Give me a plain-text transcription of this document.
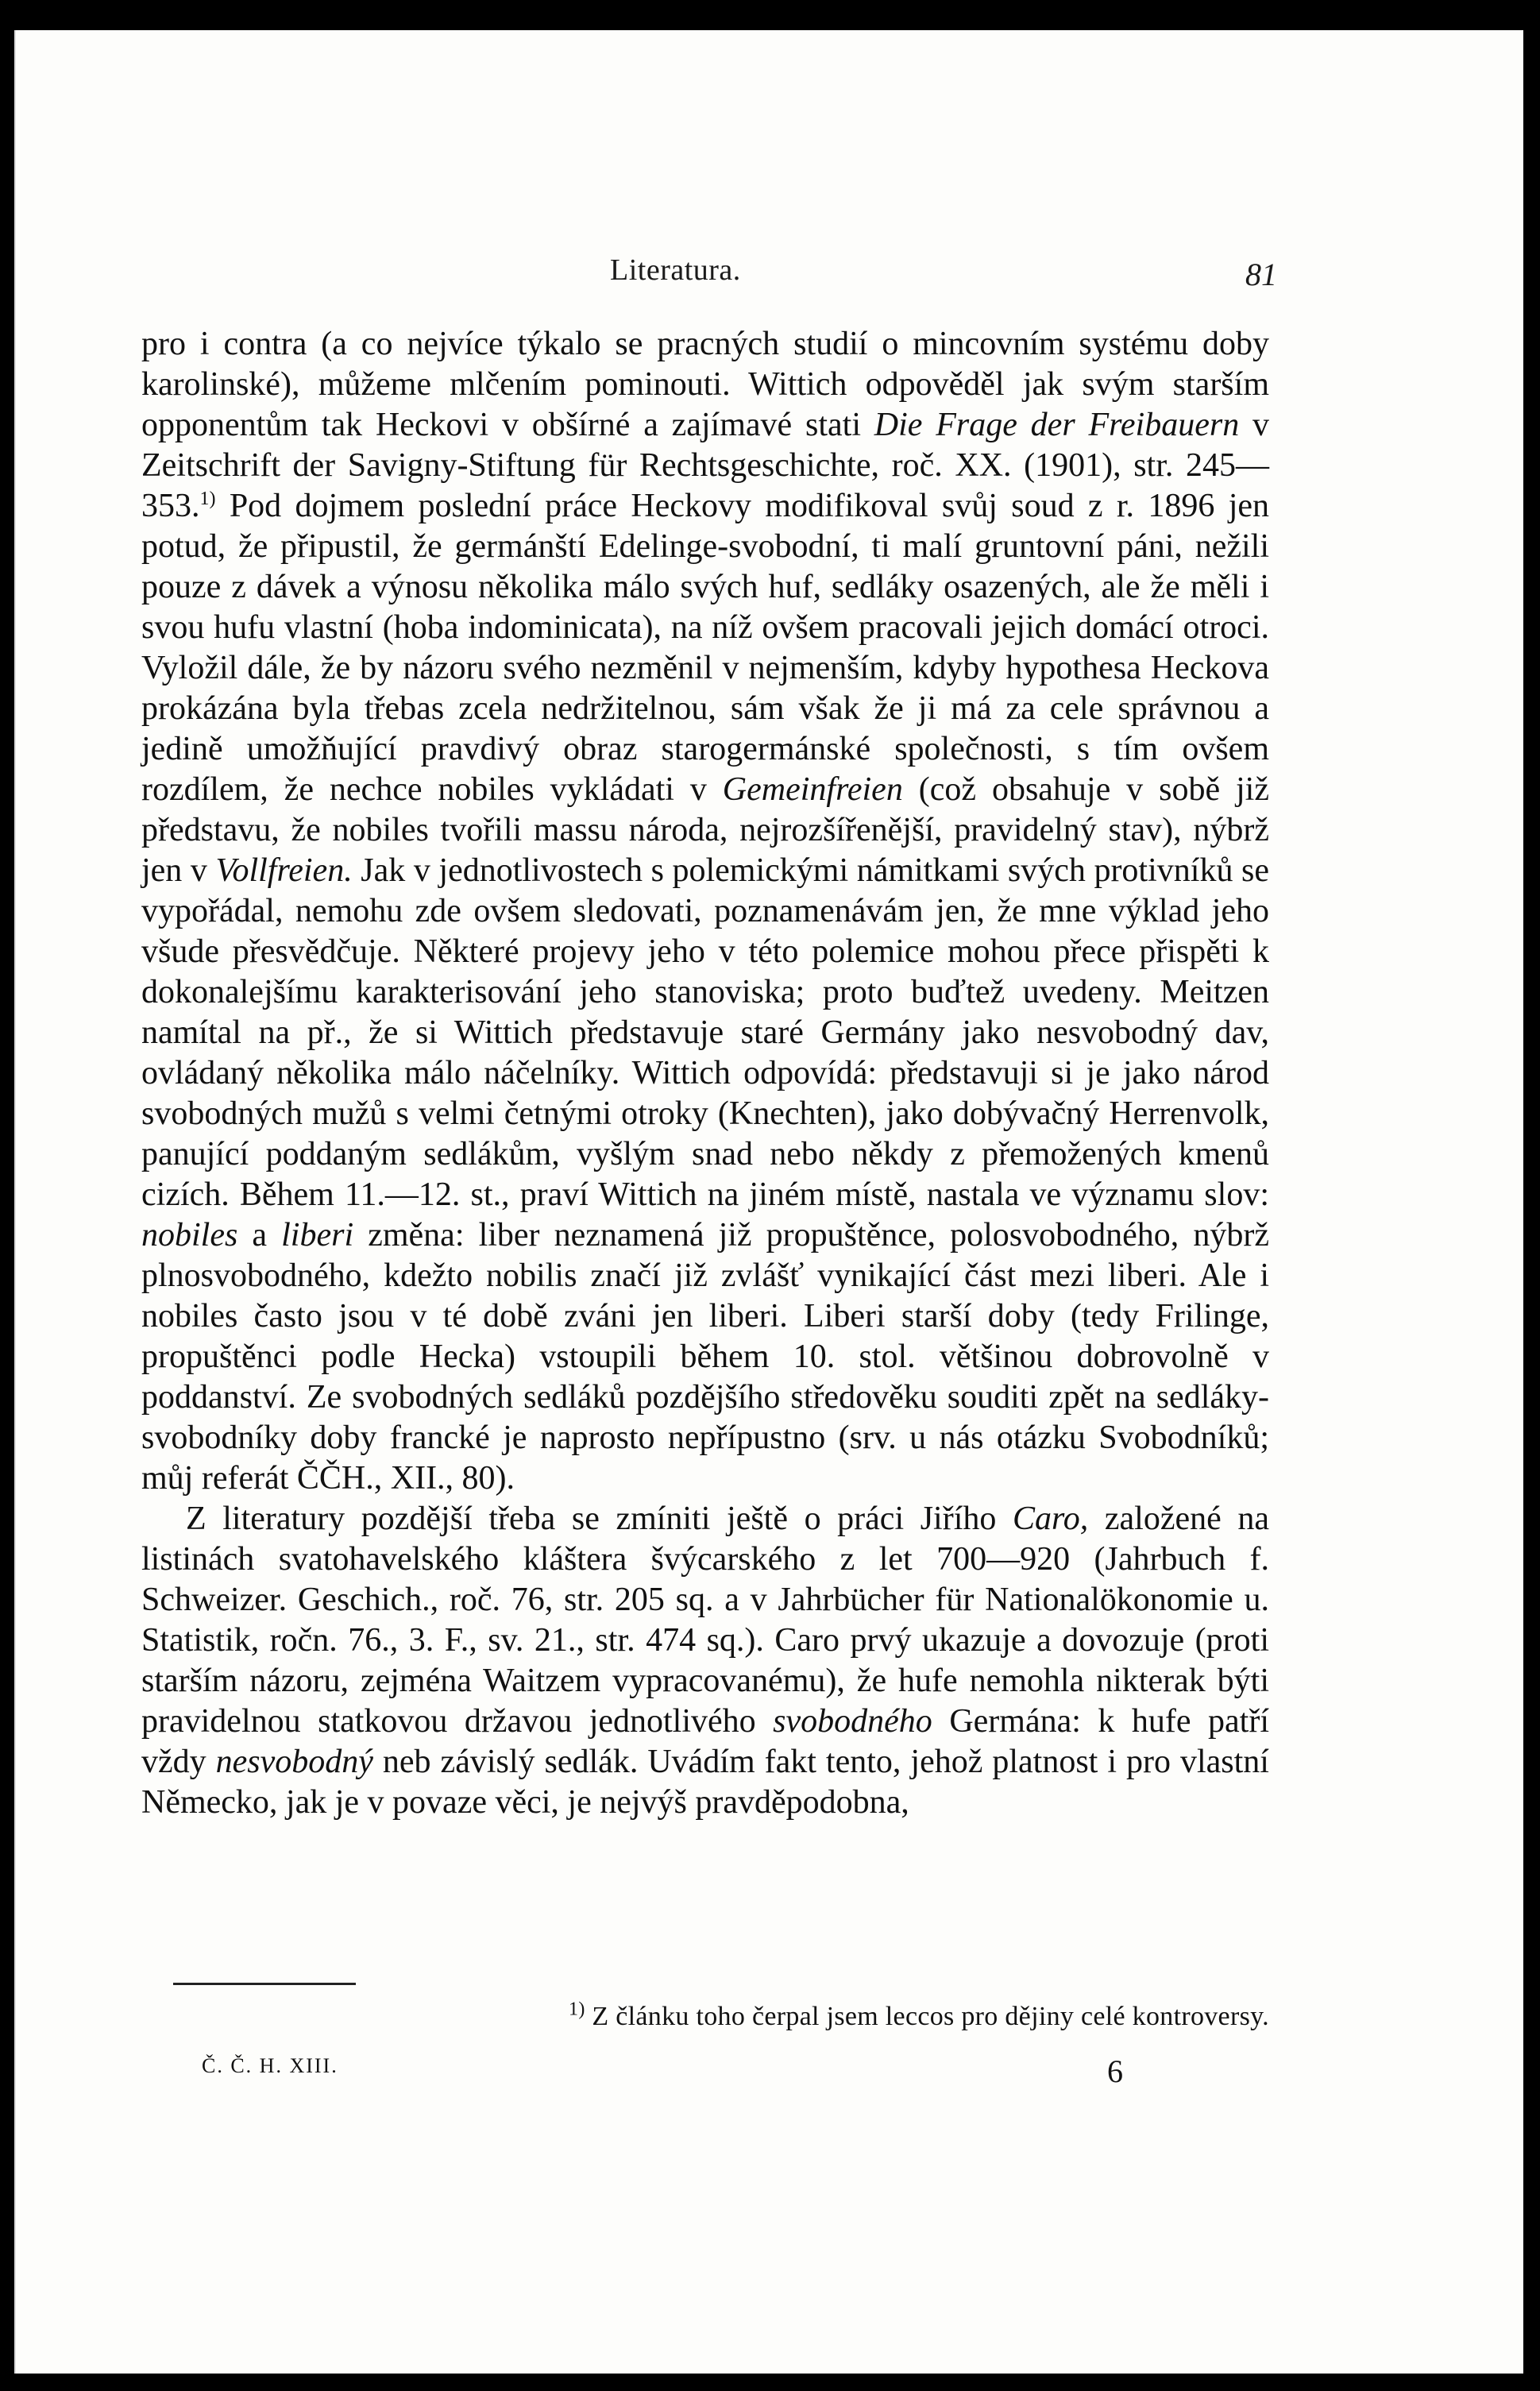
Literatura.	81

pro i contra (a co nejvíce týkalo se pracných studií o mincovním systému doby karolinské), můžeme mlčením pominouti. Wittich odpověděl jak svým starším opponentům tak Heckovi v obšírné a zajímavé stati Die Frage der Freibauern v Zeitschrift der Savigny-Stiftung für Rechtsgeschichte, roč. XX. (1901), str. 245—353.$^{1)}$ Pod dojmem poslední práce Heckovy modifikoval svůj soud z r. 1896 jen potud, že připustil, že germánští Edelinge-svobodní, ti malí gruntovní páni, nežili pouze z dávek a výnosu několika málo svých huf, sedláky osazených, ale že měli i svou hufu vlastní (hoba indominicata), na níž ovšem pracovali jejich domácí otroci. Vyložil dále, že by názoru svého nezměnil v nejmenším, kdyby hypothesa Heckova prokázána byla třebas zcela nedržitelnou, sám však že ji má za cele správnou a jedině umožňující pravdivý obraz starogermánské společnosti, s tím ovšem rozdílem, že nechce nobiles vykládati v Gemeinfreien (což obsahuje v sobě již představu, že nobiles tvořili massu národa, nejrozšířenější, pravidelný stav), nýbrž jen v Vollfreien. Jak v jednotlivostech s polemickými námitkami svých protivníků se vypořádal, nemohu zde ovšem sledovati, poznamenávám jen, že mne výklad jeho všude přesvědčuje. Některé projevy jeho v této polemice mohou přece přispěti k dokonalejšímu karakterisování jeho stanoviska; proto buďtež uvedeny. Meitzen namítal na př., že si Wittich představuje staré Germány jako nesvobodný dav, ovládaný několika málo náčelníky. Wittich odpovídá: představuji si je jako národ svobodných mužů s velmi četnými otroky (Knechten), jako dobývačný Herrenvolk, panující poddaným sedlákům, vyšlým snad nebo někdy z přemožených kmenů cizích. Během 11.—12. st., praví Wittich na jiném místě, nastala ve významu slov: nobiles a liberi změna: liber neznamená již propuštěnce, polosvobodného, nýbrž plnosvobodného, kdežto nobilis značí již zvlášť vynikající část mezi liberi. Ale i nobiles často jsou v té době zváni jen liberi. Liberi starší doby (tedy Frilinge, propuštěnci podle Hecka) vstoupili během 10. stol. většinou dobrovolně v poddanství. Ze svobodných sedláků pozdějšího středověku souditi zpět na sedláky-svobodníky doby francké je naprosto nepřípustno (srv. u nás otázku Svobodníků; můj referát ČČH., XII., 80).

Z literatury pozdější třeba se zmíniti ještě o práci Jiřího Caro, založené na listinách svatohavelského kláštera švýcarského z let 700—920 (Jahrbuch f. Schweizer. Geschich., roč. 76, str. 205 sq. a v Jahrbücher für Nationalökonomie u. Statistik, ročn. 76., 3. F., sv. 21., str. 474 sq.). Caro prvý ukazuje a dovozuje (proti starším názoru, zejména Waitzem vypracovanému), že hufe nemohla nikterak býti pravidelnou statkovou državou jednotlivého svobodného Germána: k hufe patří vždy nesvobodný neb závislý sedlák. Uvádím fakt tento, jehož platnost i pro vlastní Německo, jak je v povaze věci, je nejvýš pravděpodobna,

$^{1)}$ Z článku toho čerpal jsem leccos pro dějiny celé kontroversy.
Č. Č. H. XIII.	6
